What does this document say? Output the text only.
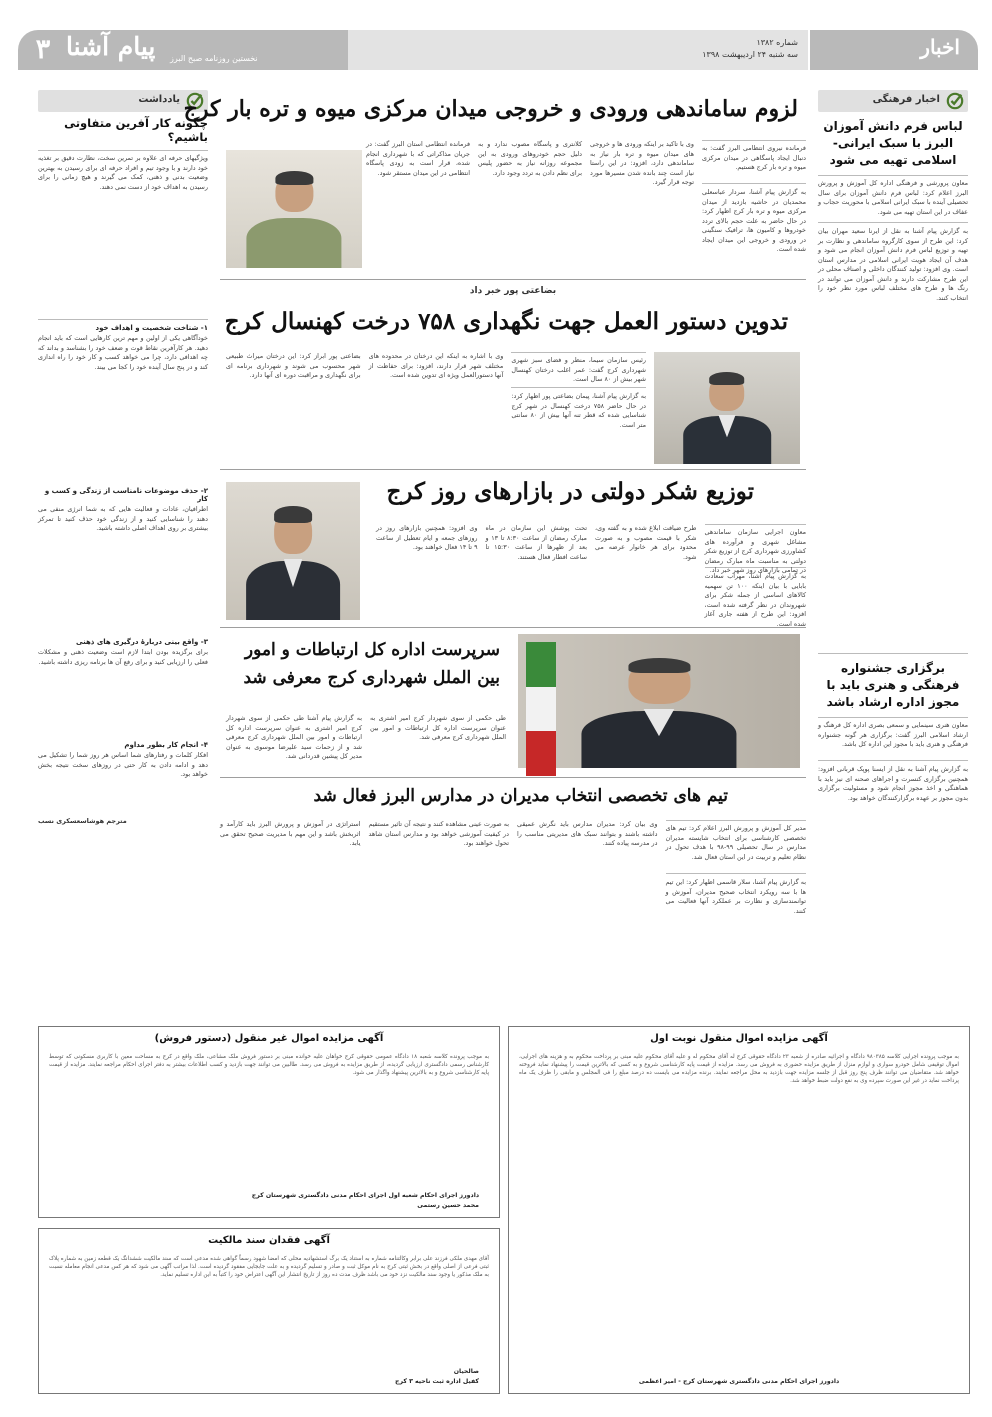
۳ پیام آشنا نخستین روزنامه صبح البرز
شماره ۱۳۸۲
سه شنبه ۲۴ اردیبهشت ۱۳۹۸	اخبار
اخبار فرهنگی
لباس فرم دانش آموزان البرز با سبک ایرانی- اسلامی تهیه می شود
معاون پرورشی و فرهنگی اداره کل آموزش و پرورش البرز اعلام کرد: لباس فرم دانش آموزان برای سال تحصیلی آینده با سبک ایرانی اسلامی با محوریت حجاب و عفاف در این استان تهیه می شود.
به گزارش پیام آشنا به نقل از ایرنا سعید مهران بیان کرد: این طرح از سوی کارگروه ساماندهی و نظارت بر تهیه و توزیع لباس فرم دانش آموزان انجام می شود و هدف آن ایجاد هویت ایرانی اسلامی در مدارس استان است. وی افزود: تولید کنندگان داخلی و اصناف محلی در این طرح مشارکت دارند و دانش آموزان می توانند در رنگ ها و طرح های مختلف لباس مورد نظر خود را انتخاب کنند.
برگزاری جشنواره فرهنگی و هنری باید با مجوز اداره ارشاد باشد
معاون هنری سینمایی و سمعی بصری اداره کل فرهنگ و ارشاد اسلامی البرز گفت: برگزاری هر گونه جشنواره فرهنگی و هنری باید با مجوز این اداره کل باشد.
به گزارش پیام آشنا به نقل از ایسنا پوپک قربانی افزود: همچنین برگزاری کنسرت و اجراهای صحنه ای نیز باید با هماهنگی و اخذ مجوز انجام شود و مسئولیت برگزاری بدون مجوز بر عهده برگزارکنندگان خواهد بود.
یادداشت
چگونه کار آفرین متفاوتی باشیم؟
ویژگیهای حرفه ای علاوه بر تمرین سخت، نظارت دقیق بر تغذیه خود دارند و با وجود تیم و افراد حرفه ای برای رسیدن به بهترین وضعیت بدنی و ذهنی، کمک می گیرند و هیچ زمانی را برای رسیدن به اهداف خود از دست نمی دهند.
۱- شناخت شخصیت و اهداف خود
خودآگاهی یکی از اولین و مهم ترین کارهایی است که باید انجام دهید. هر کارآفرین نقاط قوت و ضعف خود را بشناسد و بداند که چه اهدافی دارد، چرا می خواهد کسب و کار خود را راه اندازی کند و در پنج سال آینده خود را کجا می بیند.
۲- حذف موضوعات نامناسب از زندگی و کسب و کار
اطرافیان، عادات و فعالیت هایی که به شما انرژی منفی می دهند را شناسایی کنید و از زندگی خود حذف کنید تا تمرکز بیشتری بر روی اهداف اصلی داشته باشید.
۳- واقع بینی دربارۀ درگیری های ذهنی
برای برگزیده بودن ابتدا لازم است وضعیت ذهنی و مشکلات فعلی را ارزیابی کنید و برای رفع آن ها برنامه ریزی داشته باشید.
۴- انجام کار بطور مداوم
افکار کلمات و رفتارهای شما اساس هر روز شما را تشکیل می دهد و ادامه دادن به کار حتی در روزهای سخت نتیجه بخش خواهد بود.
مترجم هوشاسعسکری نسب
لزوم ساماندهی ورودی و خروجی میدان مرکزی میوه و تره بار کرج
فرمانده نیروی انتظامی البرز گفت: به دنبال ایجاد پاسگاهی در میدان مرکزی میوه و تره بار کرج هستیم.
به گزارش پیام آشنا، سردار عباسعلی محمدیان در حاشیه بازدید از میدان مرکزی میوه و تره بار کرج اظهار کرد: در حال حاضر به علت حجم بالای تردد خودروها و کامیون ها، ترافیک سنگینی در ورودی و خروجی این میدان ایجاد شده است.
وی با تاکید بر اینکه ورودی ها و خروجی های میدان میوه و تره بار نیاز به ساماندهی دارد، افزود: در این راستا نیاز است چند بانده شدن مسیرها مورد توجه قرار گیرد.
کلانتری و پاسگاه مصوب ندارد و به دلیل حجم خودروهای ورودی به این مجموعه روزانه نیاز به حضور پلیس برای نظم دادن به تردد وجود دارد.
فرمانده انتظامی استان البرز گفت: در جریان مذاکراتی که با شهرداری انجام شده، قرار است به زودی پاسگاه انتظامی در این میدان مستقر شود.
بضاعتی پور خبر داد
تدوین دستور العمل جهت نگهداری ۷۵۸ درخت کهنسال کرج
رئیس سازمان سیما، منظر و فضای سبز شهری شهرداری کرج گفت: عمر اغلب درختان کهنسال شهر بیش از ۸۰ سال است.
به گزارش پیام آشنا، پیمان بضاعتی پور اظهار کرد: در حال حاضر ۷۵۸ درخت کهنسال در شهر کرج شناسایی شده که قطر تنه آنها بیش از ۸۰ سانتی متر است.
وی با اشاره به اینکه این درختان در محدوده های مختلف شهر قرار دارند، افزود: برای حفاظت از آنها دستورالعمل ویژه ای تدوین شده است.
بضاعتی پور ابراز کرد: این درختان میراث طبیعی شهر محسوب می شوند و شهرداری برنامه ای برای نگهداری و مراقبت دوره ای آنها دارد.
توزیع شکر دولتی در بازارهای روز کرج
معاون اجرایی سازمان ساماندهی مشاغل شهری و فرآورده های کشاورزی شهرداری کرج از توزیع شکر دولتی به مناسبت ماه مبارک رمضان در تمامی بازارهای روز شهر خبر داد.
به گزارش پیام آشنا، مهراب سعادت بابایی با بیان اینکه ۱۰۰ تن سهمیه کالاهای اساسی از جمله شکر برای شهروندان در نظر گرفته شده است، افزود: این طرح از هفته جاری آغاز شده است.
طرح ضیافت ابلاغ شده و به گفته وی، شکر با قیمت مصوب و به صورت محدود برای هر خانوار عرضه می شود.
تحت پوشش این سازمان در ماه مبارک رمضان از ساعت ۸:۳۰ تا ۱۳ و بعد از ظهرها از ساعت ۱۵:۳۰ تا ساعت افطار فعال هستند.
وی افزود: همچنین بازارهای روز در روزهای جمعه و ایام تعطیل از ساعت ۹ تا ۱۴ فعال خواهند بود.
سرپرست اداره کل ارتباطات و امور
بین الملل شهرداری کرج معرفی شد
طی حکمی از سوی شهردار کرج امیر اشتری به عنوان سرپرست اداره کل ارتباطات و امور بین الملل شهرداری کرج معرفی شد.
به گزارش پیام آشنا طی حکمی از سوی شهردار کرج امیر اشتری به عنوان سرپرست اداره کل ارتباطات و امور بین الملل شهرداری کرج معرفی شد و از زحمات سید علیرضا موسوی به عنوان مدیر کل پیشین قدردانی شد.
تیم های تخصصی انتخاب مدیران در مدارس البرز فعال شد
مدیر کل آموزش و پرورش البرز اعلام کرد: تیم های تخصصی کارشناسی برای انتخاب شایسته مدیران مدارس در سال تحصیلی ۹۹-۹۸ با هدف تحول در نظام تعلیم و تربیت در این استان فعال شد.
به گزارش پیام آشنا، سلار قاسمی اظهار کرد: این تیم ها با سه رویکرد انتخاب صحیح مدیران، آموزش و توانمندسازی و نظارت بر عملکرد آنها فعالیت می کنند.
وی بیان کرد: مدیران مدارس باید نگرش عمیقی داشته باشند و بتوانند سبک های مدیریتی مناسب را در مدرسه پیاده کنند.
به صورت عینی مشاهده کنند و نتیجه آن تاثیر مستقیم در کیفیت آموزشی خواهد بود و مدارس استان شاهد تحول خواهند بود.
استراتژی در آموزش و پرورش البرز باید کارآمد و اثربخش باشد و این مهم با مدیریت صحیح تحقق می یابد.
آگهی مزایده اموال منقول نوبت اول
به موجب پرونده اجرایی کلاسه ۹۸۰۳۸۵ دادگاه و اجرائیه صادره از شعبه ۲۳ دادگاه حقوقی کرج له آقای محکوم له و علیه آقای محکوم علیه مبنی بر پرداخت محکوم به و هزینه های اجرایی، اموال توقیفی شامل خودرو سواری و لوازم منزل از طریق مزایده حضوری به فروش می رسد. مزایده از قیمت پایه کارشناسی شروع و به کسی که بالاترین قیمت را پیشنهاد نماید فروخته خواهد شد. متقاضیان می توانند ظرف پنج روز قبل از جلسه مزایده جهت بازدید به محل مراجعه نمایند. برنده مزایده می بایست ده درصد مبلغ را فی المجلس و مابقی را ظرف یک ماه پرداخت نماید در غیر این صورت سپرده وی به نفع دولت ضبط خواهد شد.
دادورز اجرای احکام مدنی دادگستری شهرستان کرج - امیر اعظمی
آگهی مزایده اموال غیر منقول (دستور فروش)
به موجب پرونده کلاسه شعبه ۱۸ دادگاه عمومی حقوقی کرج خواهان علیه خوانده مبنی بر دستور فروش ملک مشاعی، ملک واقع در کرج به مساحت معین با کاربری مسکونی که توسط کارشناس رسمی دادگستری ارزیابی گردیده، از طریق مزایده به فروش می رسد. طالبین می توانند جهت بازدید و کسب اطلاعات بیشتر به دفتر اجرای احکام مراجعه نمایند. مزایده از قیمت پایه کارشناسی شروع و به بالاترین پیشنهاد واگذار می شود.
دادورز اجرای احکام شعبه اول اجرای احکام مدنی دادگستری شهرستان کرج
محمد حسین رستمی
آگهی فقدان سند مالکیت
آقای مهدی ملکی فرزند علی برابر وکالتنامه شماره به استناد یک برگ استشهادیه محلی که امضا شهود رسماً گواهی شده مدعی است که سند مالکیت ششدانگ یک قطعه زمین به شماره پلاک ثبتی فرعی از اصلی واقع در بخش ثبتی کرج به نام موکل ثبت و صادر و تسلیم گردیده و به علت جابجایی مفقود گردیده است. لذا مراتب آگهی می شود که هر کس مدعی انجام معامله نسبت به ملک مذکور یا وجود سند مالکیت نزد خود می باشد ظرف مدت ده روز از تاریخ انتشار این آگهی اعتراض خود را کتباً به این اداره تسلیم نماید.
صالحیان
کفیل اداره ثبت ناحیه ۳ کرج
